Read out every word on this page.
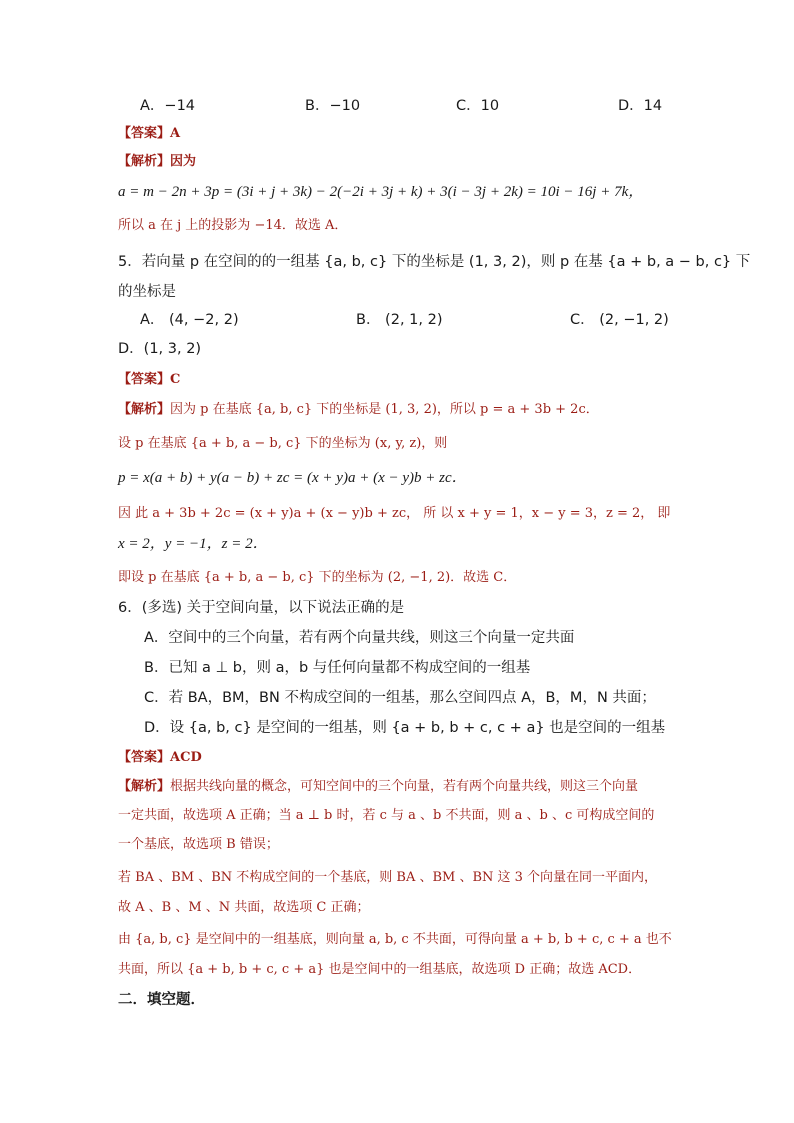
A．−14	B．−10	C．10	D．14
【答案】A
【解析】因为
a = m − 2n + 3p = (3i + j + 3k) − 2(−2i + 3j + k) + 3(i − 3j + 2k) = 10i − 16j + 7k，
所以 a 在 j 上的投影为 −14．故选 A．
5．若向量 p 在空间的的一组基 {a, b, c} 下的坐标是 (1, 3, 2)，则 p 在基 {a + b, a − b, c} 下
的坐标是
A． (4, −2, 2)	B． (2, 1, 2)	C． (2, −1, 2)
D．(1, 3, 2)
【答案】C
【解析】因为 p 在基底 {a, b, c} 下的坐标是 (1, 3, 2)，所以 p = a + 3b + 2c．
设 p 在基底 {a + b, a − b, c} 下的坐标为 (x, y, z)，则
p = x(a + b) + y(a − b) + zc = (x + y)a + (x − y)b + zc．
因 此 a + 3b + 2c = (x + y)a + (x − y)b + zc， 所 以 x + y = 1，x − y = 3，z = 2， 即
x = 2，y = −1，z = 2．
即设 p 在基底 {a + b, a − b, c} 下的坐标为 (2, −1, 2)．故选 C．
6．(多选) 关于空间向量，以下说法正确的是
A．空间中的三个向量，若有两个向量共线，则这三个向量一定共面
B．已知 a ⊥ b，则 a，b 与任何向量都不构成空间的一组基
C．若 BA，BM，BN 不构成空间的一组基，那么空间四点 A，B，M，N 共面；
D．设 {a, b, c} 是空间的一组基，则 {a + b, b + c, c + a} 也是空间的一组基
【答案】ACD
【解析】根据共线向量的概念，可知空间中的三个向量，若有两个向量共线，则这三个向量
一定共面，故选项 A 正确；当 a ⊥ b 时，若 c 与 a 、b 不共面，则 a 、b 、c 可构成空间的
一个基底，故选项 B 错误；
若 BA 、BM 、BN 不构成空间的一个基底，则 BA 、BM 、BN 这 3 个向量在同一平面内，
故 A 、B 、M 、N 共面，故选项 C 正确；
由 {a, b, c} 是空间中的一组基底，则向量 a, b, c 不共面，可得向量 a + b, b + c, c + a 也不
共面，所以 {a + b, b + c, c + a} 也是空间中的一组基底，故选项 D 正确；故选 ACD．
二．填空题．
